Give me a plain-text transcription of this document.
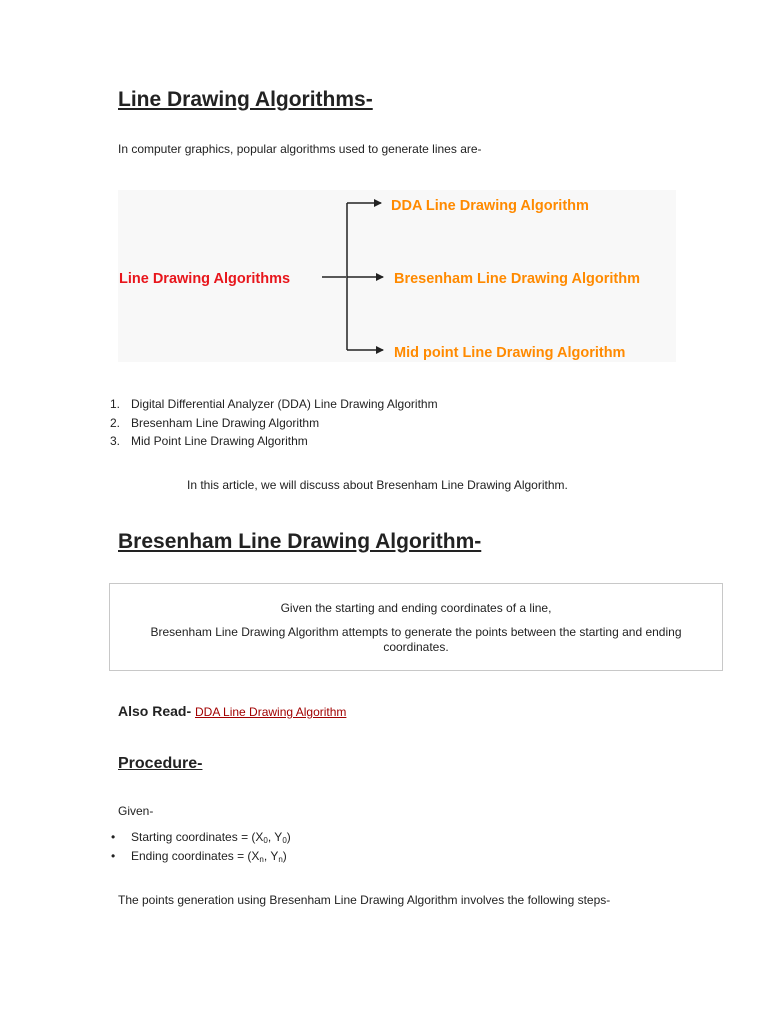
Line Drawing Algorithms-
In computer graphics, popular algorithms used to generate lines are-
Line Drawing Algorithms
DDA Line Drawing Algorithm
Bresenham Line Drawing Algorithm
Mid point Line Drawing Algorithm
1. Digital Differential Analyzer (DDA) Line Drawing Algorithm
2. Bresenham Line Drawing Algorithm
3. Mid Point Line Drawing Algorithm
In this article, we will discuss about Bresenham Line Drawing Algorithm.
Bresenham Line Drawing Algorithm-

Given the starting and ending coordinates of a line,

Bresenham Line Drawing Algorithm attempts to generate the points between the starting and ending coordinates.

Also Read- DDA Line Drawing Algorithm
Procedure-
Given-
• Starting coordinates = ($X_0$, $Y_0$)
• Ending coordinates = ($X_n$, $Y_n$)
The points generation using Bresenham Line Drawing Algorithm involves the following steps-
